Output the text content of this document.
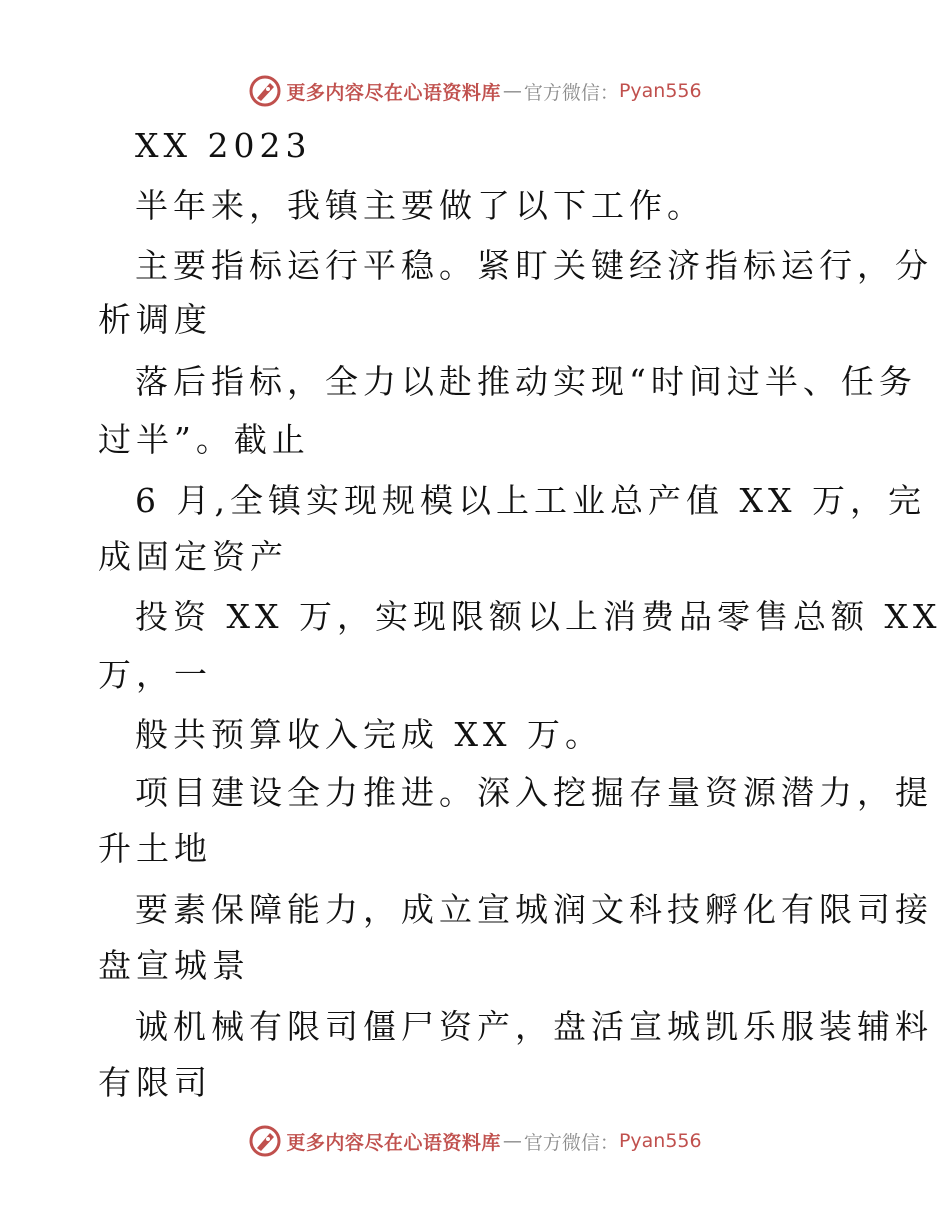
更多内容尽在心语资料库 — 官方微信： Pyan556
XX 2023
半年来，我镇主要做了以下工作。
主要指标运行平稳。紧盯关键经济指标运行，分
析调度
落后指标，全力以赴推动实现“时间过半、任务
过半”。截止
6 月,全镇实现规模以上工业总产值 XX 万，完
成固定资产
投资 XX 万，实现限额以上消费品零售总额 XX
万，一
般共预算收入完成 XX 万。
项目建设全力推进。深入挖掘存量资源潜力，提
升土地
要素保障能力，成立宣城润文科技孵化有限司接
盘宣城景
诚机械有限司僵尸资产，盘活宣城凯乐服装辅料
有限司
更多内容尽在心语资料库 — 官方微信： Pyan556
